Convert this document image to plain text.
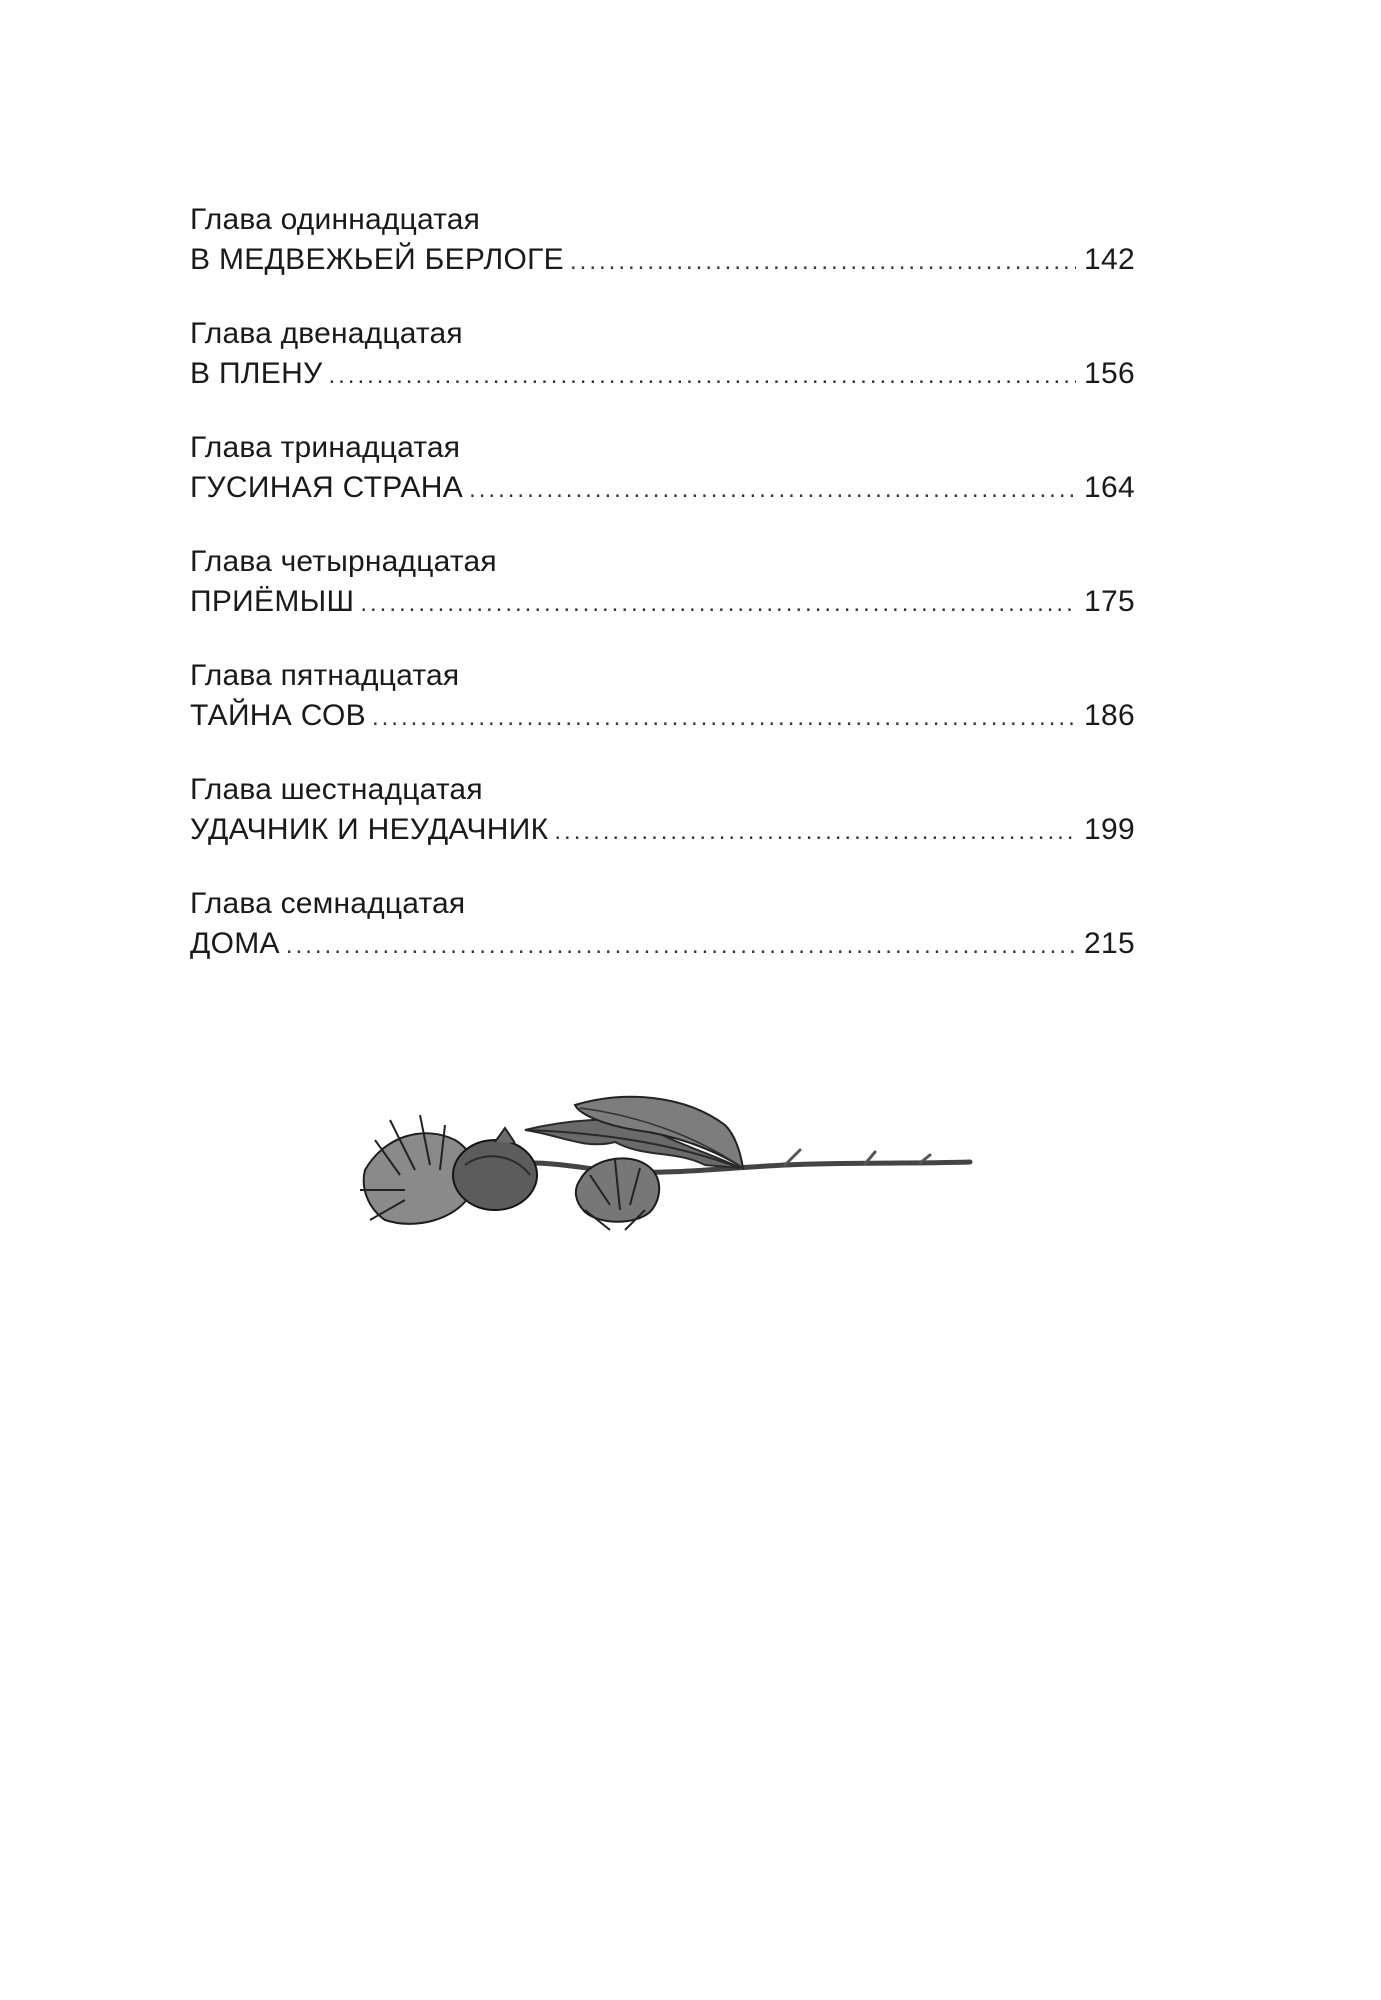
Глава одиннадцатая
В МЕДВЕЖЬЕЙ БЕРЛОГЕ .....	142
Глава двенадцатая
В ПЛЕНУ .....	156
Глава тринадцатая
ГУСИНАЯ СТРАНА .....	164
Глава четырнадцатая
ПРИЁМЫШ .....	175
Глава пятнадцатая
ТАЙНА СОВ .....	186
Глава шестнадцатая
УДАЧНИК И НЕУДАЧНИК .....	199
Глава семнадцатая
ДОМА .....	215
